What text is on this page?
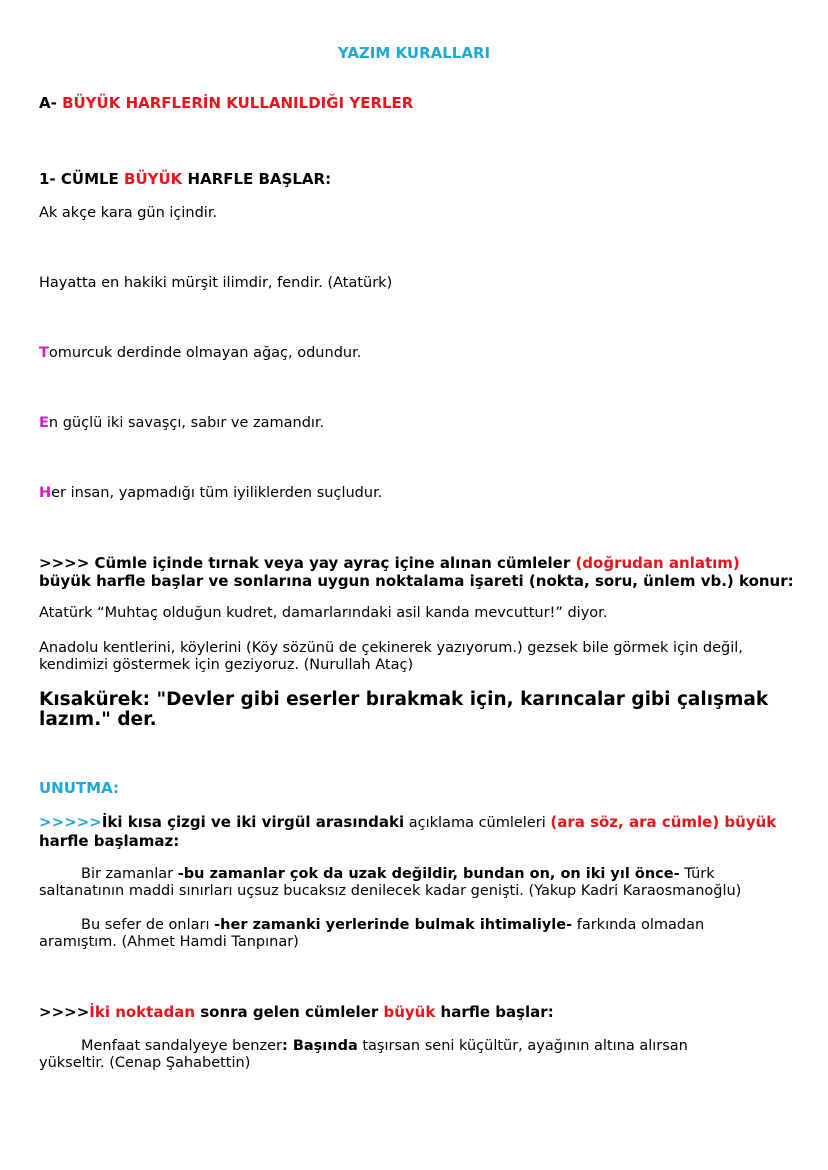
YAZIM KURALLARI
A- BÜYÜK HARFLERİN KULLANILDIĞI YERLER
1- CÜMLE BÜYÜK HARFLE BAŞLAR:
Ak akçe kara gün içindir.
Hayatta en hakiki mürşit ilimdir, fendir. (Atatürk)
Tomurcuk derdinde olmayan ağaç, odundur.
En güçlü iki savaşçı, sabır ve zamandır.
Her insan, yapmadığı tüm iyiliklerden suçludur.
>>>> Cümle içinde tırnak veya yay ayraç içine alınan cümleler (doğrudan anlatım)
büyük harfle başlar ve sonlarına uygun noktalama işareti (nokta, soru, ünlem vb.) konur:
Atatürk “Muhtaç olduğun kudret, damarlarındaki asil kanda mevcuttur!” diyor.
Anadolu kentlerini, köylerini (Köy sözünü de çekinerek yazıyorum.) gezsek bile görmek için değil, kendimizi göstermek için geziyoruz. (Nurullah Ataç)
Kısakürek: "Devler gibi eserler bırakmak için, karıncalar gibi çalışmak lazım." der.
UNUTMA:
>>>>>İki kısa çizgi ve iki virgül arasındaki açıklama cümleleri (ara söz, ara cümle) büyük
harfle başlamaz:
Bir zamanlar -bu zamanlar çok da uzak değildir, bundan on, on iki yıl önce- Türk saltanatının maddi sınırları uçsuz bucaksız denilecek kadar genişti. (Yakup Kadri Karaosmanoğlu)
Bu sefer de onları -her zamanki yerlerinde bulmak ihtimaliyle- farkında olmadan aramıştım. (Ahmet Hamdi Tanpınar)
>>>>İki noktadan sonra gelen cümleler büyük harfle başlar:
Menfaat sandalyeye benzer: Başında taşırsan seni küçültür, ayağının altına alırsan yükseltir. (Cenap Şahabettin)
